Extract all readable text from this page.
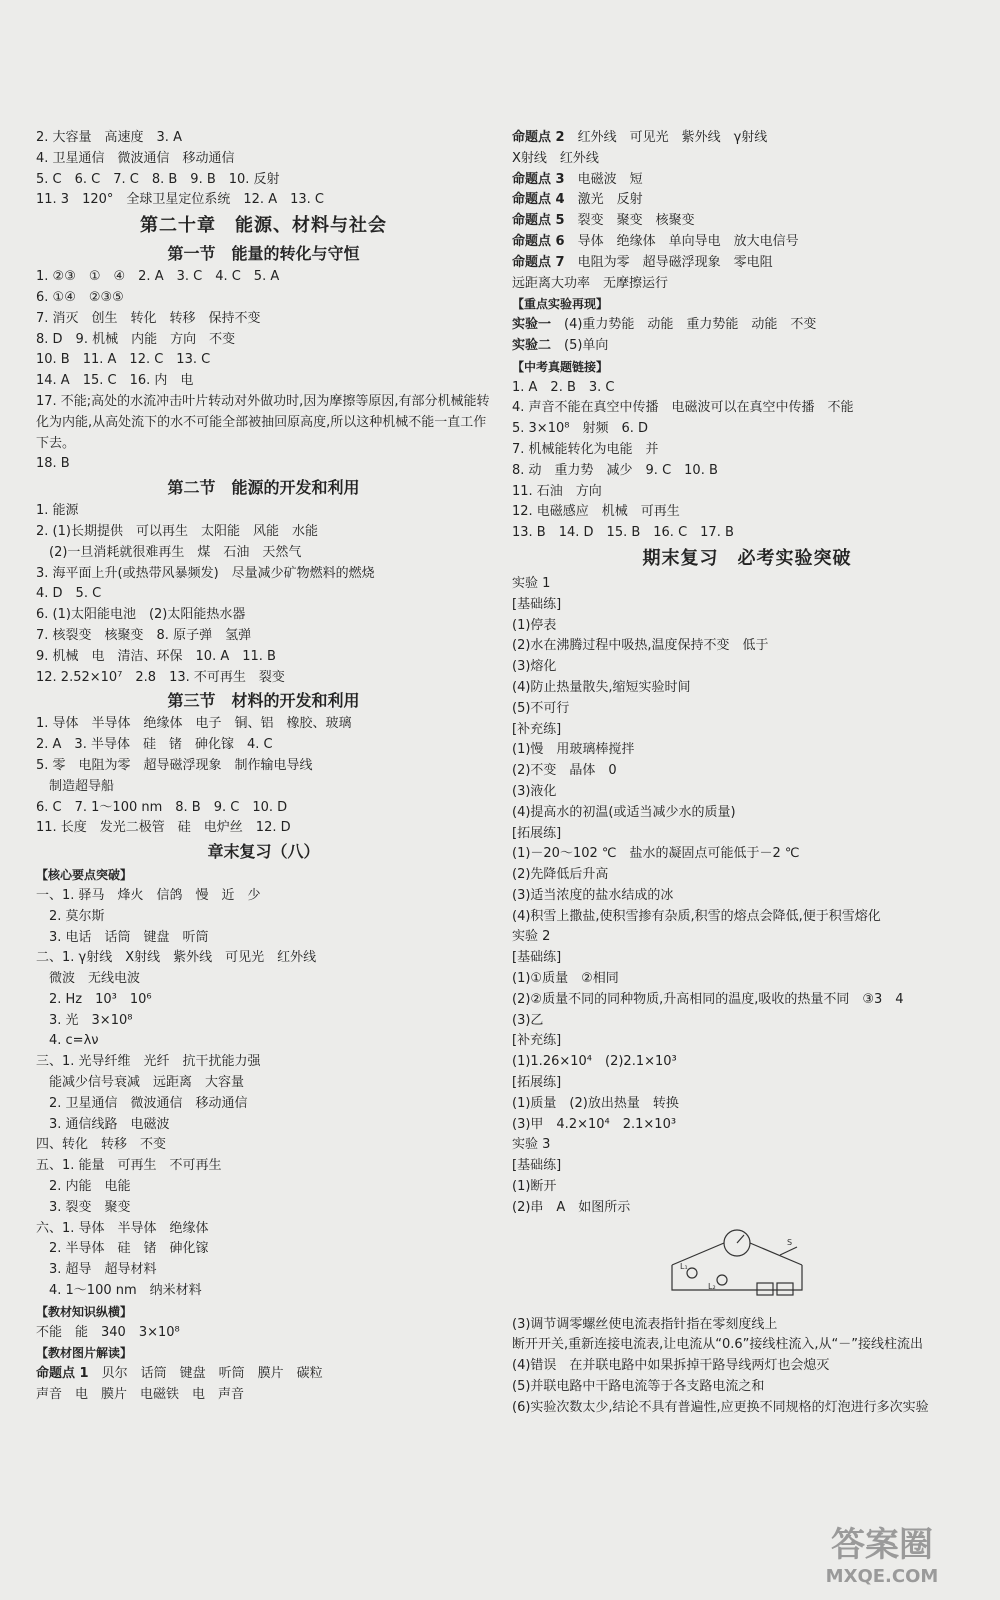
2. 大容量　高速度　3. A
4. 卫星通信　微波通信　移动通信
5. C　6. C　7. C　8. B　9. B　10. 反射
11. 3　120°　全球卫星定位系统　12. A　13. C
第二十章　能源、材料与社会
第一节　能量的转化与守恒
1. ②③　①　④　2. A　3. C　4. C　5. A
6. ①④　②③⑤
7. 消灭　创生　转化　转移　保持不变
8. D　9. 机械　内能　方向　不变
10. B　11. A　12. C　13. C
14. A　15. C　16. 内　电
17. 不能;高处的水流冲击叶片转动对外做功时,因为摩擦等原因,有部分机械能转化为内能,从高处流下的水不可能全部被抽回原高度,所以这种机械不能一直工作下去。
18. B
第二节　能源的开发和利用
1. 能源
2. (1)长期提供　可以再生　太阳能　风能　水能
　(2)一旦消耗就很难再生　煤　石油　天然气
3. 海平面上升(或热带风暴频发)　尽量减少矿物燃料的燃烧
4. D　5. C
6. (1)太阳能电池　(2)太阳能热水器
7. 核裂变　核聚变　8. 原子弹　氢弹
9. 机械　电　清洁、环保　10. A　11. B
12. 2.52×10⁷　2.8　13. 不可再生　裂变
第三节　材料的开发和利用
1. 导体　半导体　绝缘体　电子　铜、铝　橡胶、玻璃
2. A　3. 半导体　硅　锗　砷化镓　4. C
5. 零　电阻为零　超导磁浮现象　制作输电导线
　制造超导船
6. C　7. 1～100 nm　8. B　9. C　10. D
11. 长度　发光二极管　硅　电炉丝　12. D
章末复习（八）
【核心要点突破】
一、1. 驿马　烽火　信鸽　慢　近　少
　2. 莫尔斯
　3. 电话　话筒　键盘　听筒
二、1. γ射线　X射线　紫外线　可见光　红外线
　微波　无线电波
　2. Hz　10³　10⁶
　3. 光　3×10⁸
　4. c=λν
三、1. 光导纤维　光纤　抗干扰能力强
　能减少信号衰减　远距离　大容量
　2. 卫星通信　微波通信　移动通信
　3. 通信线路　电磁波
四、转化　转移　不变
五、1. 能量　可再生　不可再生
　2. 内能　电能
　3. 裂变　聚变
六、1. 导体　半导体　绝缘体
　2. 半导体　硅　锗　砷化镓
　3. 超导　超导材料
　4. 1～100 nm　纳米材料
【教材知识纵横】
不能　能　340　3×10⁸
【教材图片解读】
命题点 1　贝尔　话筒　键盘　听筒　膜片　碳粒
声音　电　膜片　电磁铁　电　声音
命题点 2　红外线　可见光　紫外线　γ射线
X射线　红外线
命题点 3　电磁波　短
命题点 4　激光　反射
命题点 5　裂变　聚变　核聚变
命题点 6　导体　绝缘体　单向导电　放大电信号
命题点 7　电阻为零　超导磁浮现象　零电阻
远距离大功率　无摩擦运行
【重点实验再现】
实验一　(4)重力势能　动能　重力势能　动能　不变
实验二　(5)单向
【中考真题链接】
1. A　2. B　3. C
4. 声音不能在真空中传播　电磁波可以在真空中传播　不能
5. 3×10⁸　射频　6. D
7. 机械能转化为电能　并
8. 动　重力势　减少　9. C　10. B
11. 石油　方向
12. 电磁感应　机械　可再生
13. B　14. D　15. B　16. C　17. B
期末复习　必考实验突破
实验 1
[基础练]
(1)停表
(2)水在沸腾过程中吸热,温度保持不变　低于
(3)熔化
(4)防止热量散失,缩短实验时间
(5)不可行
[补充练]
(1)慢　用玻璃棒搅拌
(2)不变　晶体　0
(3)液化
(4)提高水的初温(或适当减少水的质量)
[拓展练]
(1)－20～102 ℃　盐水的凝固点可能低于－2 ℃
(2)先降低后升高
(3)适当浓度的盐水结成的冰
(4)积雪上撒盐,使积雪掺有杂质,积雪的熔点会降低,便于积雪熔化
实验 2
[基础练]
(1)①质量　②相同
(2)②质量不同的同种物质,升高相同的温度,吸收的热量不同　③3　4
(3)乙
[补充练]
(1)1.26×10⁴　(2)2.1×10³
[拓展练]
(1)质量　(2)放出热量　转换
(3)甲　4.2×10⁴　2.1×10³
实验 3
[基础练]
(1)断开
(2)串　A　如图所示
L₁
L₂
S
(3)调节调零螺丝使电流表指针指在零刻度线上
断开开关,重新连接电流表,让电流从“0.6”接线柱流入,从“－”接线柱流出
(4)错误　在并联电路中如果拆掉干路导线两灯也会熄灭
(5)并联电路中干路电流等于各支路电流之和
(6)实验次数太少,结论不具有普遍性,应更换不同规格的灯泡进行多次实验
答案圈
MXQE.COM
